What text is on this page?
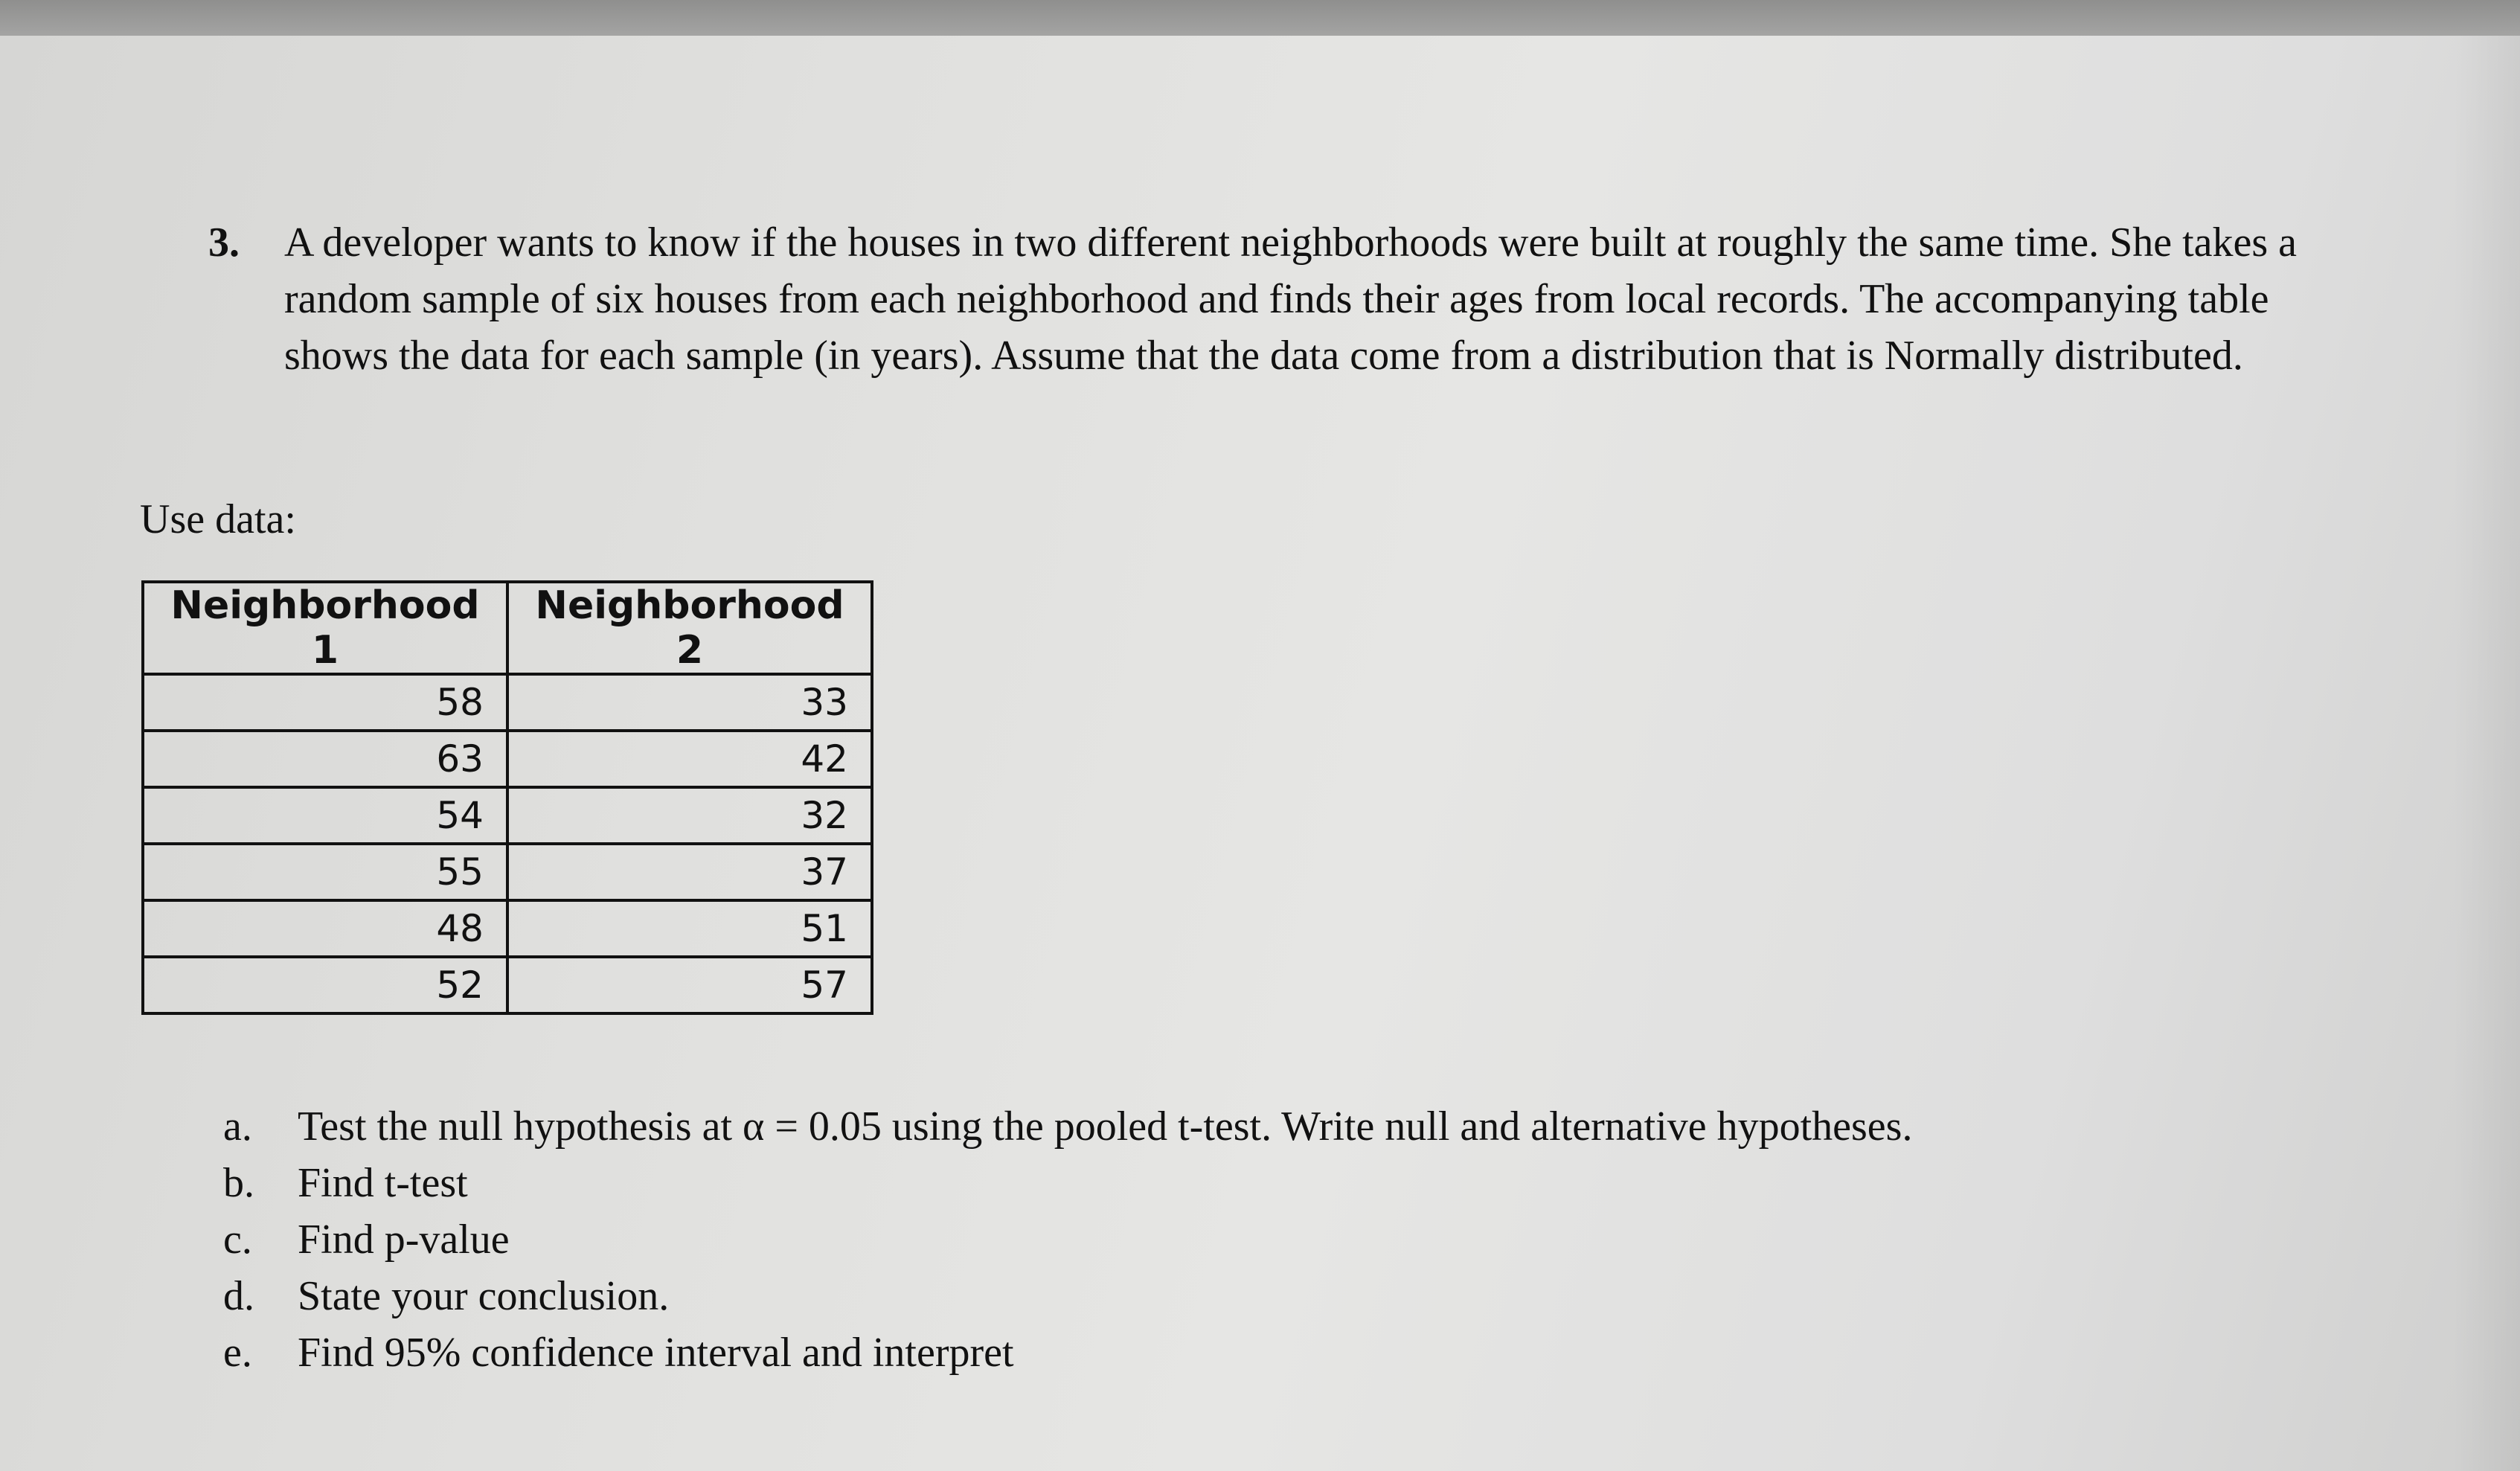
3.	A developer wants to know if the houses in two different neighborhoods were built at roughly the same time. She takes a random sample of six houses from each neighborhood and finds their ages from local records. The accompanying table shows the data for each sample (in years). Assume that the data come from a distribution that is Normally distributed.
Use data:
Neighborhood 1	Neighborhood 2
58	33
63	42
54	32
55	37
48	51
52	57
a.	Test the null hypothesis at α = 0.05 using the pooled t-test. Write null and alternative hypotheses.
b.	Find t-test
c.	Find p-value
d.	State your conclusion.
e.	Find 95% confidence interval and interpret
